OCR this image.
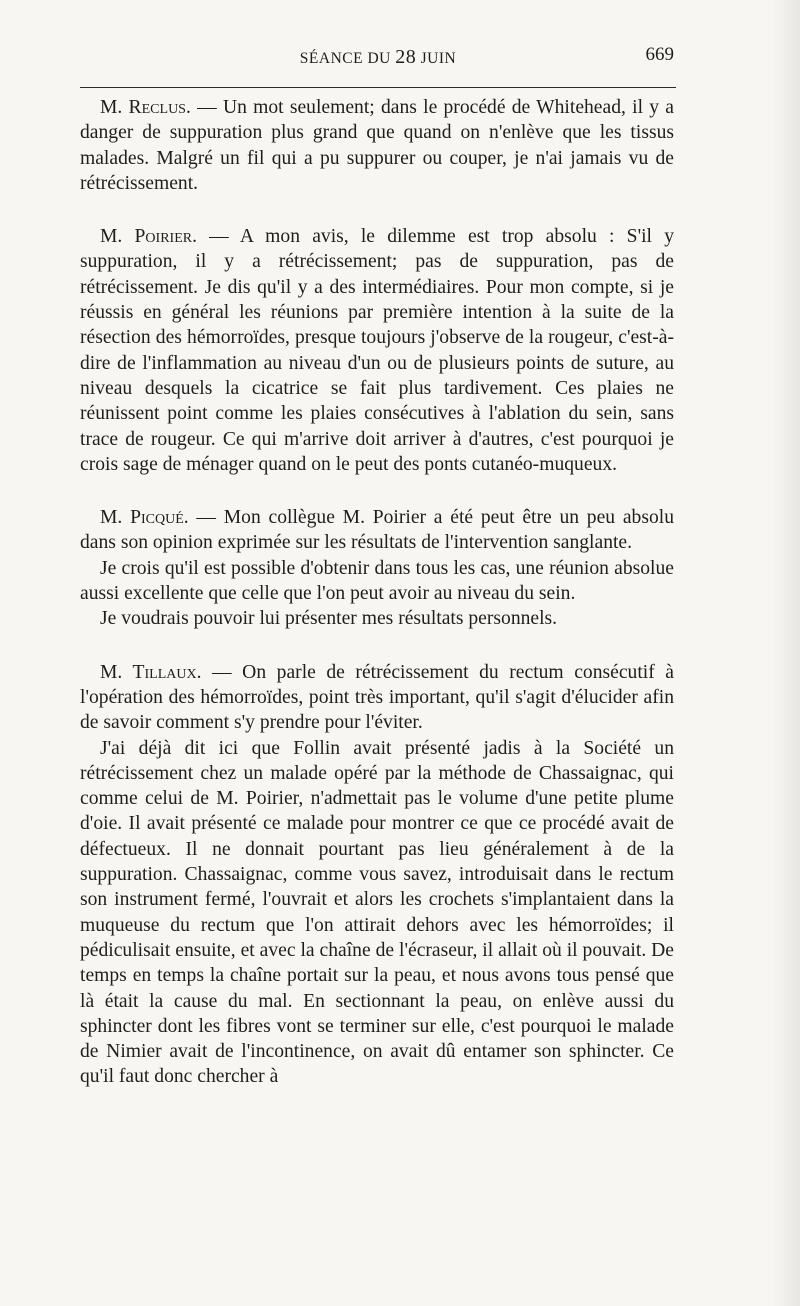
SÉANCE DU 28 JUIN	669

M. Reclus. — Un mot seulement; dans le procédé de Whitehead, il y a danger de suppuration plus grand que quand on n'enlève que les tissus malades. Malgré un fil qui a pu suppurer ou couper, je n'ai jamais vu de rétrécissement.

M. Poirier. — A mon avis, le dilemme est trop absolu : S'il y suppuration, il y a rétrécissement; pas de suppuration, pas de rétrécissement. Je dis qu'il y a des intermédiaires. Pour mon compte, si je réussis en général les réunions par première intention à la suite de la résection des hémorroïdes, presque toujours j'observe de la rougeur, c'est-à-dire de l'inflammation au niveau d'un ou de plusieurs points de suture, au niveau desquels la cicatrice se fait plus tardivement. Ces plaies ne réunissent point comme les plaies consécutives à l'ablation du sein, sans trace de rougeur. Ce qui m'arrive doit arriver à d'autres, c'est pourquoi je crois sage de ménager quand on le peut des ponts cutanéo-muqueux.

M. Picqué. — Mon collègue M. Poirier a été peut être un peu absolu dans son opinion exprimée sur les résultats de l'intervention sanglante.

Je crois qu'il est possible d'obtenir dans tous les cas, une réunion absolue aussi excellente que celle que l'on peut avoir au niveau du sein.

Je voudrais pouvoir lui présenter mes résultats personnels.

M. Tillaux. — On parle de rétrécissement du rectum consécutif à l'opération des hémorroïdes, point très important, qu'il s'agit d'élucider afin de savoir comment s'y prendre pour l'éviter.

J'ai déjà dit ici que Follin avait présenté jadis à la Société un rétrécissement chez un malade opéré par la méthode de Chassaignac, qui comme celui de M. Poirier, n'admettait pas le volume d'une petite plume d'oie. Il avait présenté ce malade pour montrer ce que ce procédé avait de défectueux. Il ne donnait pourtant pas lieu généralement à de la suppuration. Chassaignac, comme vous savez, introduisait dans le rectum son instrument fermé, l'ouvrait et alors les crochets s'implantaient dans la muqueuse du rectum que l'on attirait dehors avec les hémorroïdes; il pédiculisait ensuite, et avec la chaîne de l'écraseur, il allait où il pouvait. De temps en temps la chaîne portait sur la peau, et nous avons tous pensé que là était la cause du mal. En sectionnant la peau, on enlève aussi du sphincter dont les fibres vont se terminer sur elle, c'est pourquoi le malade de Nimier avait de l'incontinence, on avait dû entamer son sphincter. Ce qu'il faut donc chercher à
